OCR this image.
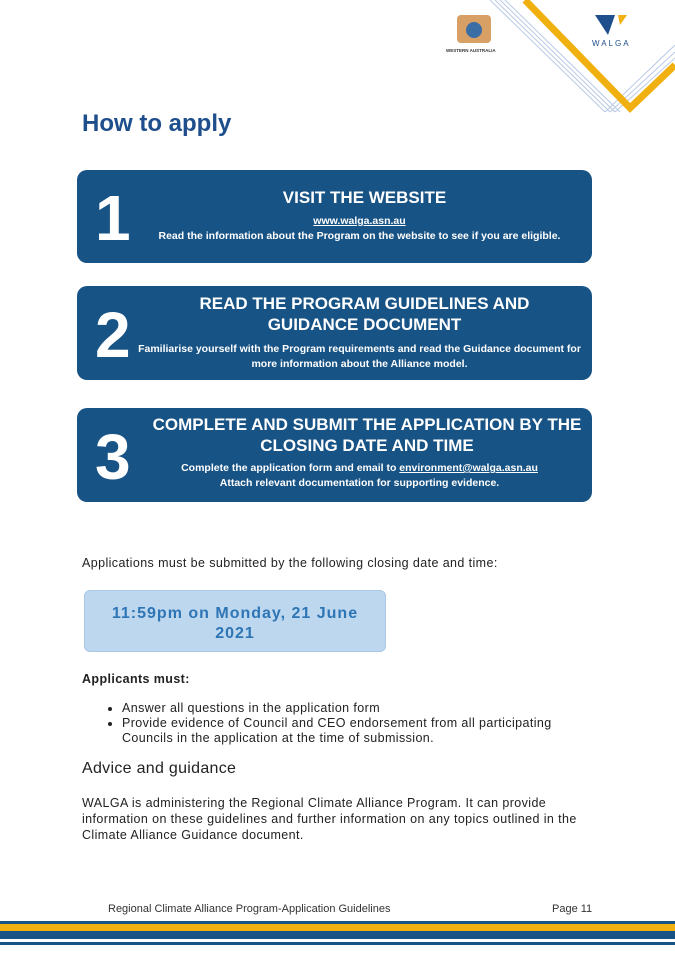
WALGA
WESTERN AUSTRALIA
How to apply
1	VISIT THE WEBSITE
www.walga.asn.au
Read the information about the Program on the website to see if you are eligible.
2	READ THE PROGRAM GUIDELINES AND GUIDANCE DOCUMENT
Familiarise yourself with the Program requirements and read the Guidance document for more information about the Alliance model.
3 COMPLETE AND SUBMIT THE APPLICATION BY THE CLOSING DATE AND TIME
Complete the application form and email to environment@walga.asn.au
Attach relevant documentation for supporting evidence.
Applications must be submitted by the following closing date and time:
11:59pm on Monday, 21 June 2021
Applicants must:
• Answer all questions in the application form
• Provide evidence of Council and CEO endorsement from all participating Councils in the application at the time of submission.
Advice and guidance
WALGA is administering the Regional Climate Alliance Program. It can provide information on these guidelines and further information on any topics outlined in the Climate Alliance Guidance document.
Regional Climate Alliance Program-Application Guidelines	Page 11
